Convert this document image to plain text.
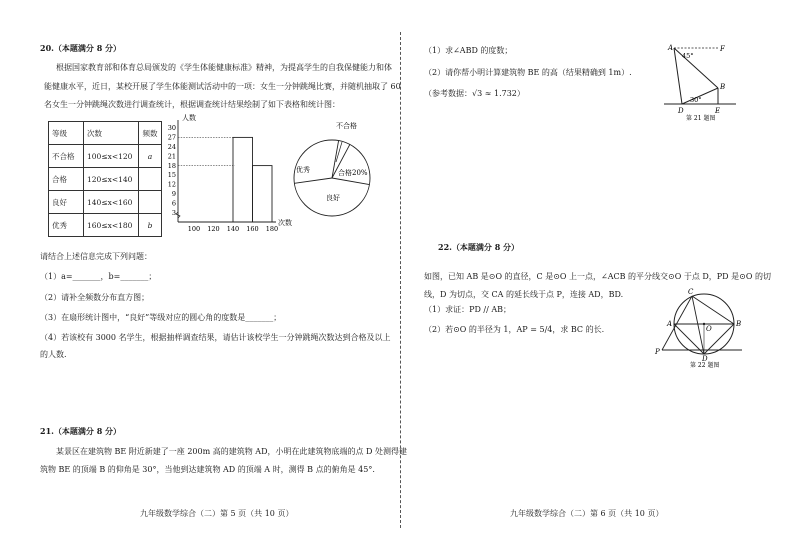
20.（本题满分 8 分）
根据国家教育部和体育总局颁发的《学生体能健康标准》精神，为提高学生的自我保健能力和体
能健康水平，近日，某校开展了学生体能测试活动中的一项：女生一分钟跳绳比赛，并随机抽取了 60
名女生一分钟跳绳次数进行调查统计，根据调查统计结果绘制了如下表格和统计图：
等级	次数	频数
不合格	100≤x<120	a
合格	120≤x<140	
良好	140≤x<160	
优秀	160≤x<180	b
人数
次数
3
6
9
12
15
18
21
24
27
30
100 120 140 160 180
不合格
合格20%
良好
优秀
请结合上述信息完成下列问题：
（1）a=_______，b=_______；
（2）请补全频数分布直方图；
（3）在扇形统计图中，“良好”等级对应的圆心角的度数是_______；
（4）若该校有 3000 名学生，根据抽样调查结果，请估计该校学生一分钟跳绳次数达到合格及以上
的人数.
21.（本题满分 8 分）
某景区在建筑物 BE 附近新建了一座 200m 高的建筑物 AD，小明在此建筑物底端的点 D 处测得建
筑物 BE 的顶端 B 的仰角是 30°，当他到达建筑物 AD 的顶端 A 时，测得 B 点的俯角是 45°.
九年级数学综合（二）第 5 页（共 10 页）
（1）求∠ABD 的度数；
（2）请你帮小明计算建筑物 BE 的高（结果精确到 1m）.
（参考数据：√3 ≈ 1.732）
A	F
45°
B
30°
D	E
第 21 题图
22.（本题满分 8 分）
如图，已知 AB 是⊙O 的直径，C 是⊙O 上一点，∠ACB 的平分线交⊙O 于点 D，PD 是⊙O 的切
线，D 为切点，交 CA 的延长线于点 P，连接 AD，BD.
（1）求证：PD // AB；
（2）若⊙O 的半径为 1，AP = 5/4，求 BC 的长.
C
A
O
B
P
D
第 22 题图
九年级数学综合（二）第 6 页（共 10 页）
